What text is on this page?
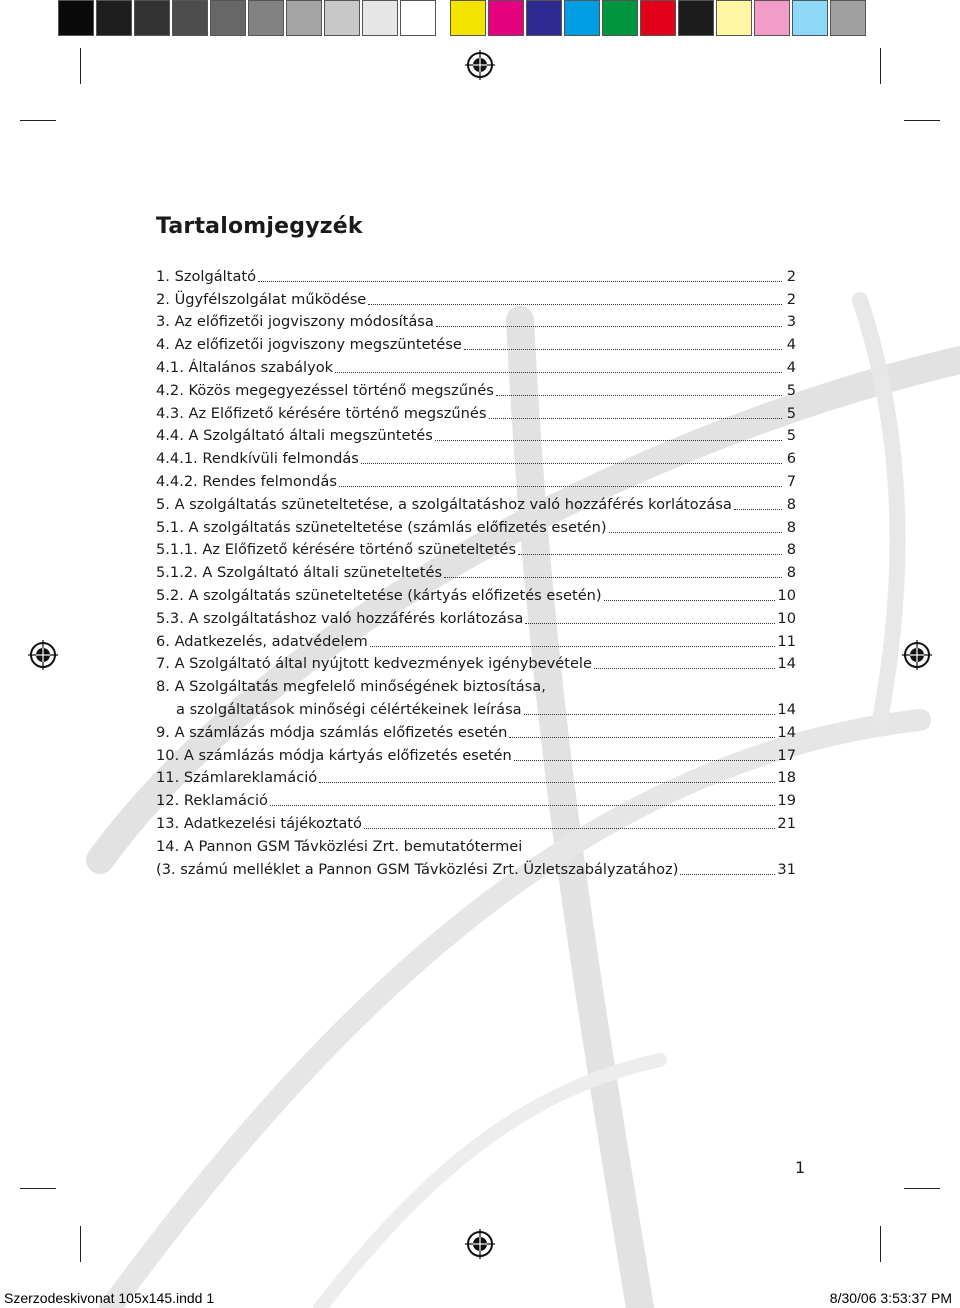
Tartalomjegyzék
1. Szolgáltató	2
2. Ügyfélszolgálat működése	2
3. Az előfizetői jogviszony módosítása	3
4. Az előfizetői jogviszony megszüntetése	4
4.1. Általános szabályok	4
4.2. Közös megegyezéssel történő megszűnés	5
4.3. Az Előfizető kérésére történő megszűnés	5
4.4. A Szolgáltató általi megszüntetés	5
4.4.1. Rendkívüli felmondás	6
4.4.2. Rendes felmondás	7
5. A szolgáltatás szüneteltetése, a szolgáltatáshoz való hozzáférés korlátozása	8
5.1. A szolgáltatás szüneteltetése (számlás előfizetés esetén)	8
5.1.1. Az Előfizető kérésére történő szüneteltetés	8
5.1.2. A Szolgáltató általi szüneteltetés	8
5.2. A szolgáltatás szüneteltetése (kártyás előfizetés esetén)	10
5.3. A szolgáltatáshoz való hozzáférés korlátozása	10
6. Adatkezelés, adatvédelem	11
7. A Szolgáltató által nyújtott kedvezmények igénybevétele	14
8. A Szolgáltatás megfelelő minőségének biztosítása,
a szolgáltatások minőségi célértékeinek leírása	14
9. A számlázás módja számlás előfizetés esetén	14
10. A számlázás módja kártyás előfizetés esetén	17
11. Számlareklamáció	18
12. Reklamáció	19
13. Adatkezelési tájékoztató	21
14. A Pannon GSM Távközlési Zrt. bemutatótermei
(3. számú melléklet a Pannon GSM Távközlési Zrt. Üzletszabályzatához)	31
1
Szerzodeskivonat 105x145.indd 1	8/30/06 3:53:37 PM
